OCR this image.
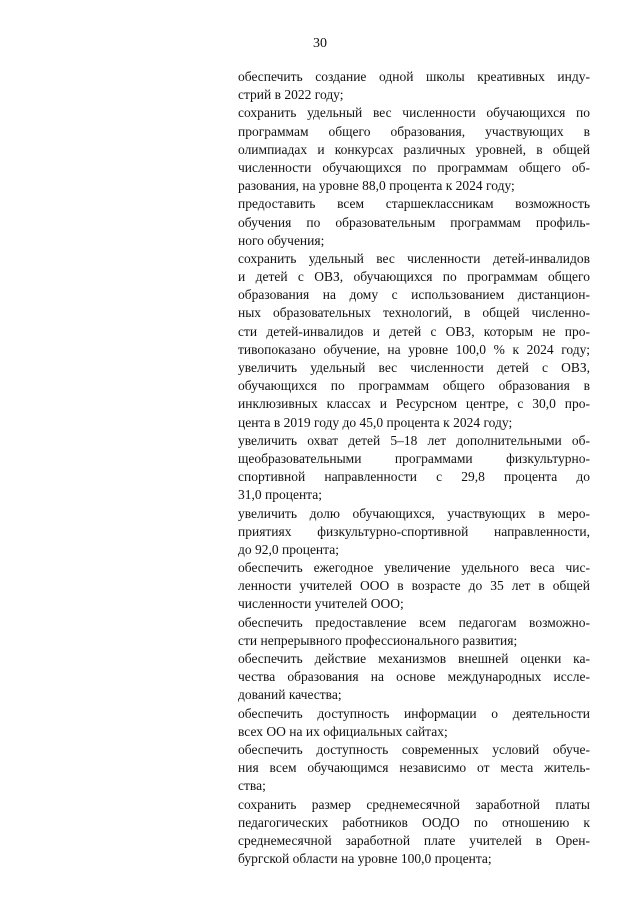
30
обеспечить создание одной школы креативных инду-
стрий в 2022 году;
сохранить удельный вес численности обучающихся по
программам общего образования, участвующих в
олимпиадах и конкурсах различных уровней, в общей
численности обучающихся по программам общего об-
разования, на уровне 88,0 процента к 2024 году;
предоставить всем старшеклассникам возможность
обучения по образовательным программам профиль-
ного обучения;
сохранить удельный вес численности детей-инвалидов
и детей с ОВЗ, обучающихся по программам общего
образования на дому с использованием дистанцион-
ных образовательных технологий, в общей численно-
сти детей-инвалидов и детей с ОВЗ, которым не про-
тивопоказано обучение, на уровне 100,0 % к 2024 году;
увеличить удельный вес численности детей с ОВЗ,
обучающихся по программам общего образования в
инклюзивных классах и Ресурсном центре, с 30,0 про-
цента в 2019 году до 45,0 процента к 2024 году;
увеличить охват детей 5–18 лет дополнительными об-
щеобразовательными программами физкультурно-
спортивной направленности с 29,8 процента до
31,0 процента;
увеличить долю обучающихся, участвующих в меро-
приятиях физкультурно-спортивной направленности,
до 92,0 процента;
обеспечить ежегодное увеличение удельного веса чис-
ленности учителей ООО в возрасте до 35 лет в общей
численности учителей ООО;
обеспечить предоставление всем педагогам возможно-
сти непрерывного профессионального развития;
обеспечить действие механизмов внешней оценки ка-
чества образования на основе международных иссле-
дований качества;
обеспечить доступность информации о деятельности
всех ОО на их официальных сайтах;
обеспечить доступность современных условий обуче-
ния всем обучающимся независимо от места житель-
ства;
сохранить размер среднемесячной заработной платы
педагогических работников ООДО по отношению к
среднемесячной заработной плате учителей в Орен-
бургской области на уровне 100,0 процента;
